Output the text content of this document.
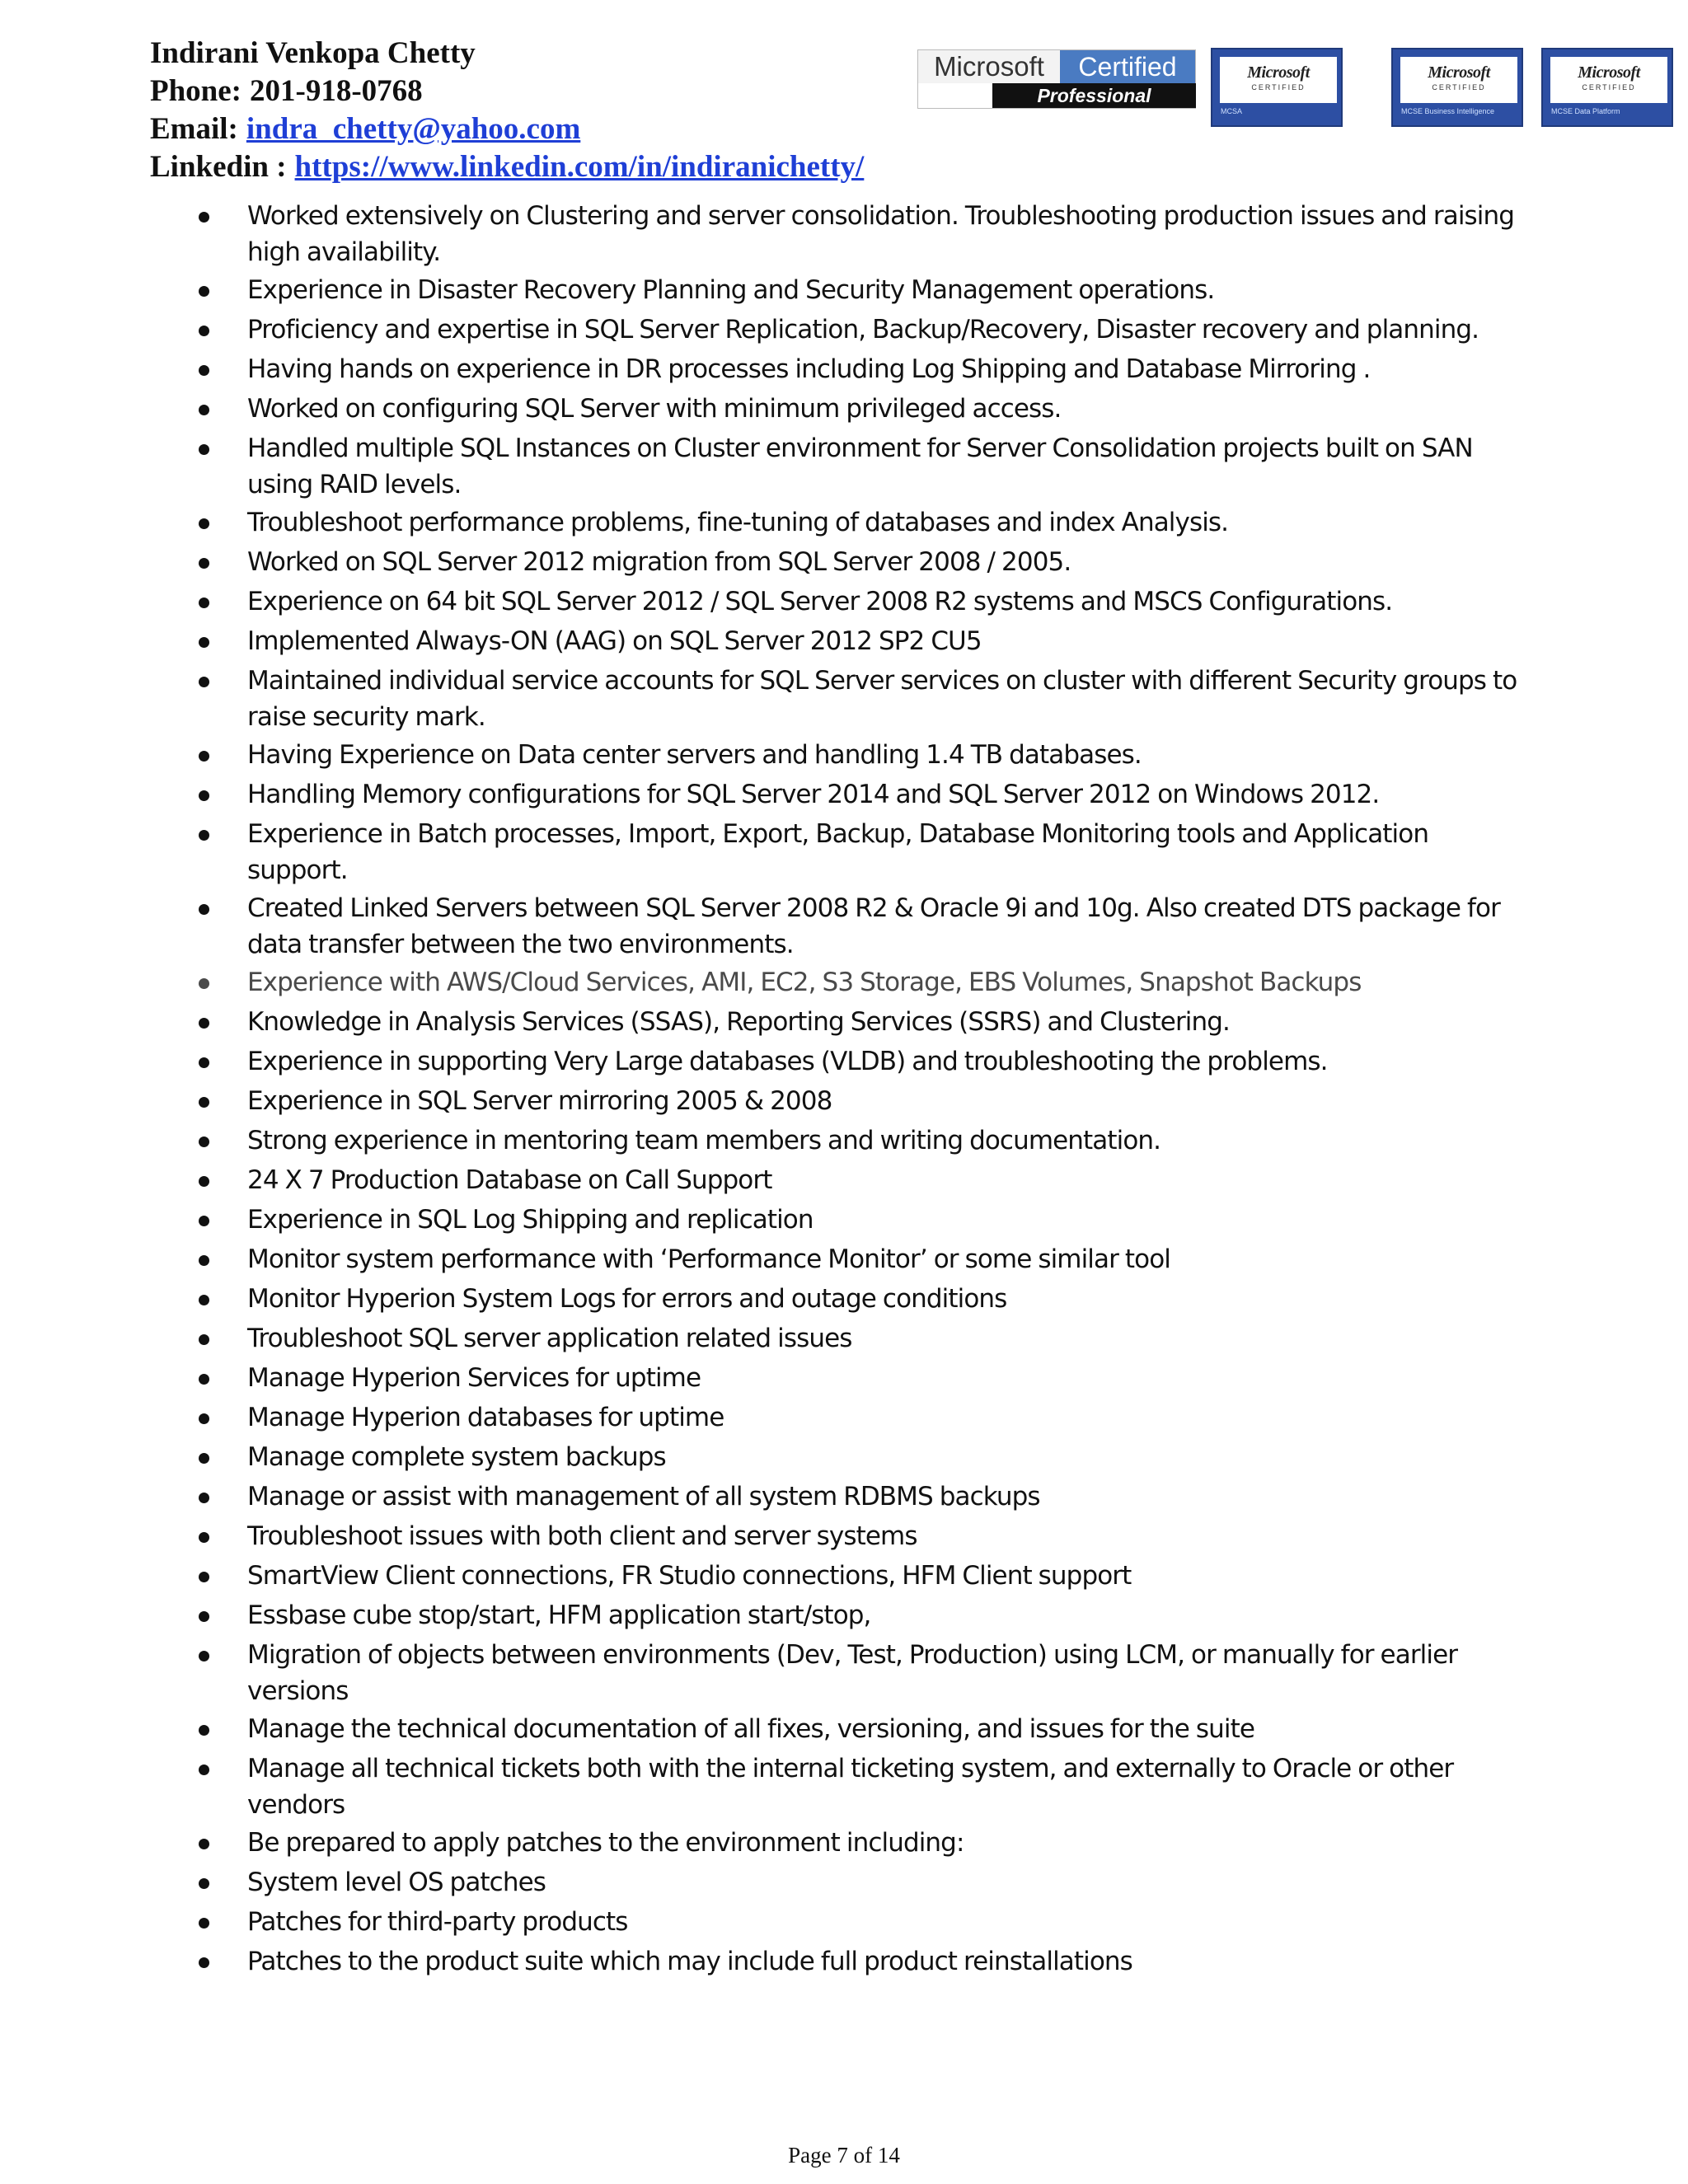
Indirani Venkopa Chetty
Phone: 201-918-0768
Email: indra_chetty@yahoo.com
Linkedin : https://www.linkedin.com/in/indiranichetty/
Microsoft	Certified
Professional
Microsoft
CERTIFIED
MCSA
Microsoft
CERTIFIED
MCSE Business Intelligence
Microsoft
CERTIFIED
MCSE Data Platform
Worked extensively on Clustering and server consolidation. Troubleshooting production issues and raising high availability.
Experience in Disaster Recovery Planning and Security Management operations.
Proficiency and expertise in SQL Server Replication, Backup/Recovery, Disaster recovery and planning.
Having hands on experience in DR processes including Log Shipping and Database Mirroring .
Worked on configuring SQL Server with minimum privileged access.
Handled multiple SQL Instances on Cluster environment for Server Consolidation projects built on SAN using RAID levels.
Troubleshoot performance problems, fine-tuning of databases and index Analysis.
Worked on SQL Server 2012 migration from SQL Server 2008 / 2005.
Experience on 64 bit SQL Server 2012 / SQL Server 2008 R2 systems and MSCS Configurations.
Implemented Always-ON (AAG) on SQL Server 2012 SP2 CU5
Maintained individual service accounts for SQL Server services on cluster with different Security groups to raise security mark.
Having Experience on Data center servers and handling 1.4 TB databases.
Handling Memory configurations for SQL Server 2014 and SQL Server 2012 on Windows 2012.
Experience in Batch processes, Import, Export, Backup, Database Monitoring tools and Application support.
Created Linked Servers between SQL Server 2008 R2 & Oracle 9i and 10g. Also created DTS package for data transfer between the two environments.
Experience with AWS/Cloud Services, AMI, EC2, S3 Storage, EBS Volumes, Snapshot Backups
Knowledge in Analysis Services (SSAS), Reporting Services (SSRS) and Clustering.
Experience in supporting Very Large databases (VLDB) and troubleshooting the problems.
Experience in SQL Server mirroring 2005 & 2008
Strong experience in mentoring team members and writing documentation.
24 X 7 Production Database on Call Support
Experience in SQL Log Shipping and replication
Monitor system performance with ‘Performance Monitor’ or some similar tool
Monitor Hyperion System Logs for errors and outage conditions
Troubleshoot SQL server application related issues
Manage Hyperion Services for uptime
Manage Hyperion databases for uptime
Manage complete system backups
Manage or assist with management of all system RDBMS backups
Troubleshoot issues with both client and server systems
SmartView Client connections, FR Studio connections, HFM Client support
Essbase cube stop/start, HFM application start/stop,
Migration of objects between environments (Dev, Test, Production) using LCM, or manually for earlier versions
Manage the technical documentation of all fixes, versioning, and issues for the suite
Manage all technical tickets both with the internal ticketing system, and externally to Oracle or other vendors
Be prepared to apply patches to the environment including:
System level OS patches
Patches for third-party products
Patches to the product suite which may include full product reinstallations
Page 7 of 14
